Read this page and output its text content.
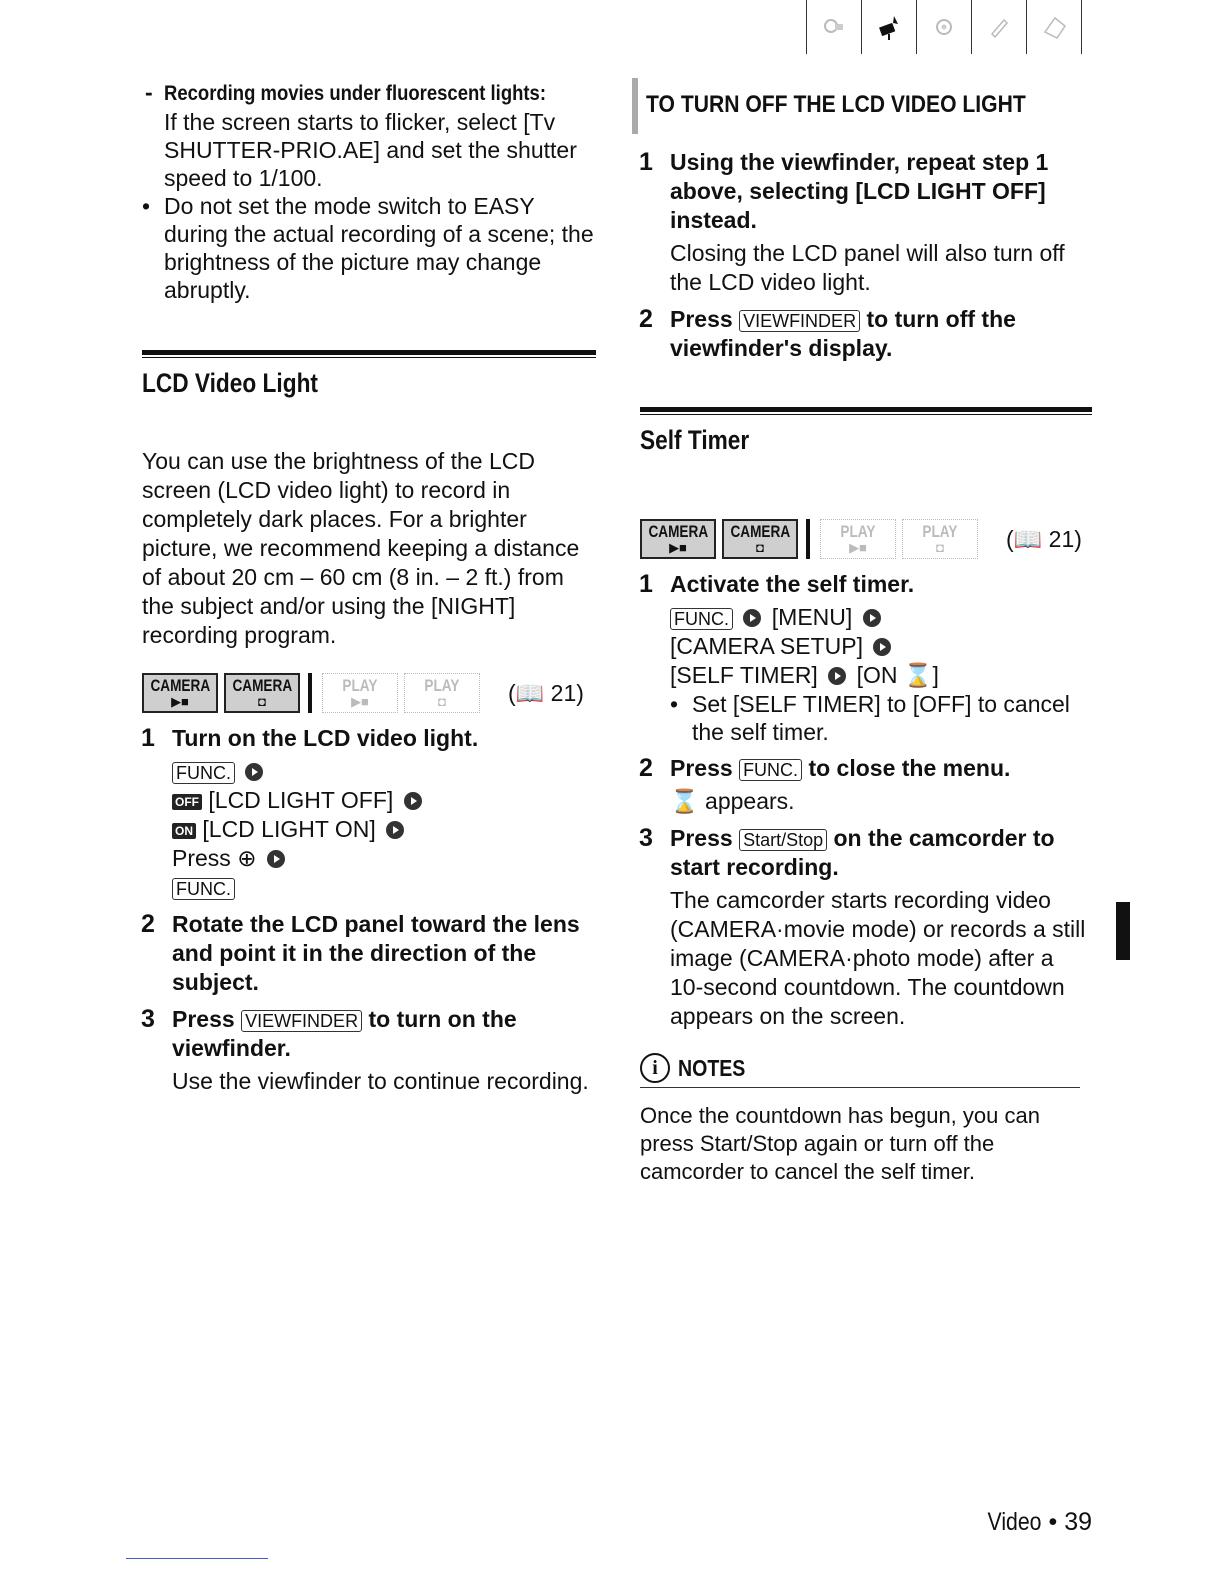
- Recording movies under fluorescent lights:
If the screen starts to flicker, select [Tv SHUTTER-PRIO.AE] and set the shutter speed to 1/100.
• Do not set the mode switch to EASY during the actual recording of a scene; the brightness of the picture may change abruptly.
LCD Video Light
You can use the brightness of the LCD screen (LCD video light) to record in completely dark places. For a brighter picture, we recommend keeping a distance of about 20 cm – 60 cm (8 in. – 2 ft.) from the subject and/or using the [NIGHT] recording program.
CAMERA
▶■
CAMERA
◘
PLAY
▶■
PLAY
◘	(📖 21)
1 Turn on the LCD video light.
FUNC.
OFF [LCD LIGHT OFF]
ON [LCD LIGHT ON]
Press ⊕
FUNC.
2 Rotate the LCD panel toward the lens and point it in the direction of the subject.
3 Press VIEWFINDER to turn on the viewfinder.
Use the viewfinder to continue recording.
TO TURN OFF THE LCD VIDEO LIGHT
1 Using the viewfinder, repeat step 1 above, selecting [LCD LIGHT OFF] instead.
Closing the LCD panel will also turn off the LCD video light.
2 Press VIEWFINDER to turn off the viewfinder's display.
Self Timer
CAMERA
▶■
CAMERA
◘
PLAY
▶■
PLAY
◘	(📖 21)
1 Activate the self timer.
FUNC. [MENU]
[CAMERA SETUP]
[SELF TIMER] [ON ⌛]
• Set [SELF TIMER] to [OFF] to cancel the self timer.
2 Press FUNC. to close the menu.
⌛ appears.
3 Press Start/Stop on the camcorder to start recording.
The camcorder starts recording video (CAMERA·movie mode) or records a still image (CAMERA·photo mode) after a 10-second countdown. The countdown appears on the screen.
i NOTES
Once the countdown has begun, you can press Start/Stop again or turn off the camcorder to cancel the self timer.
Video • 39
